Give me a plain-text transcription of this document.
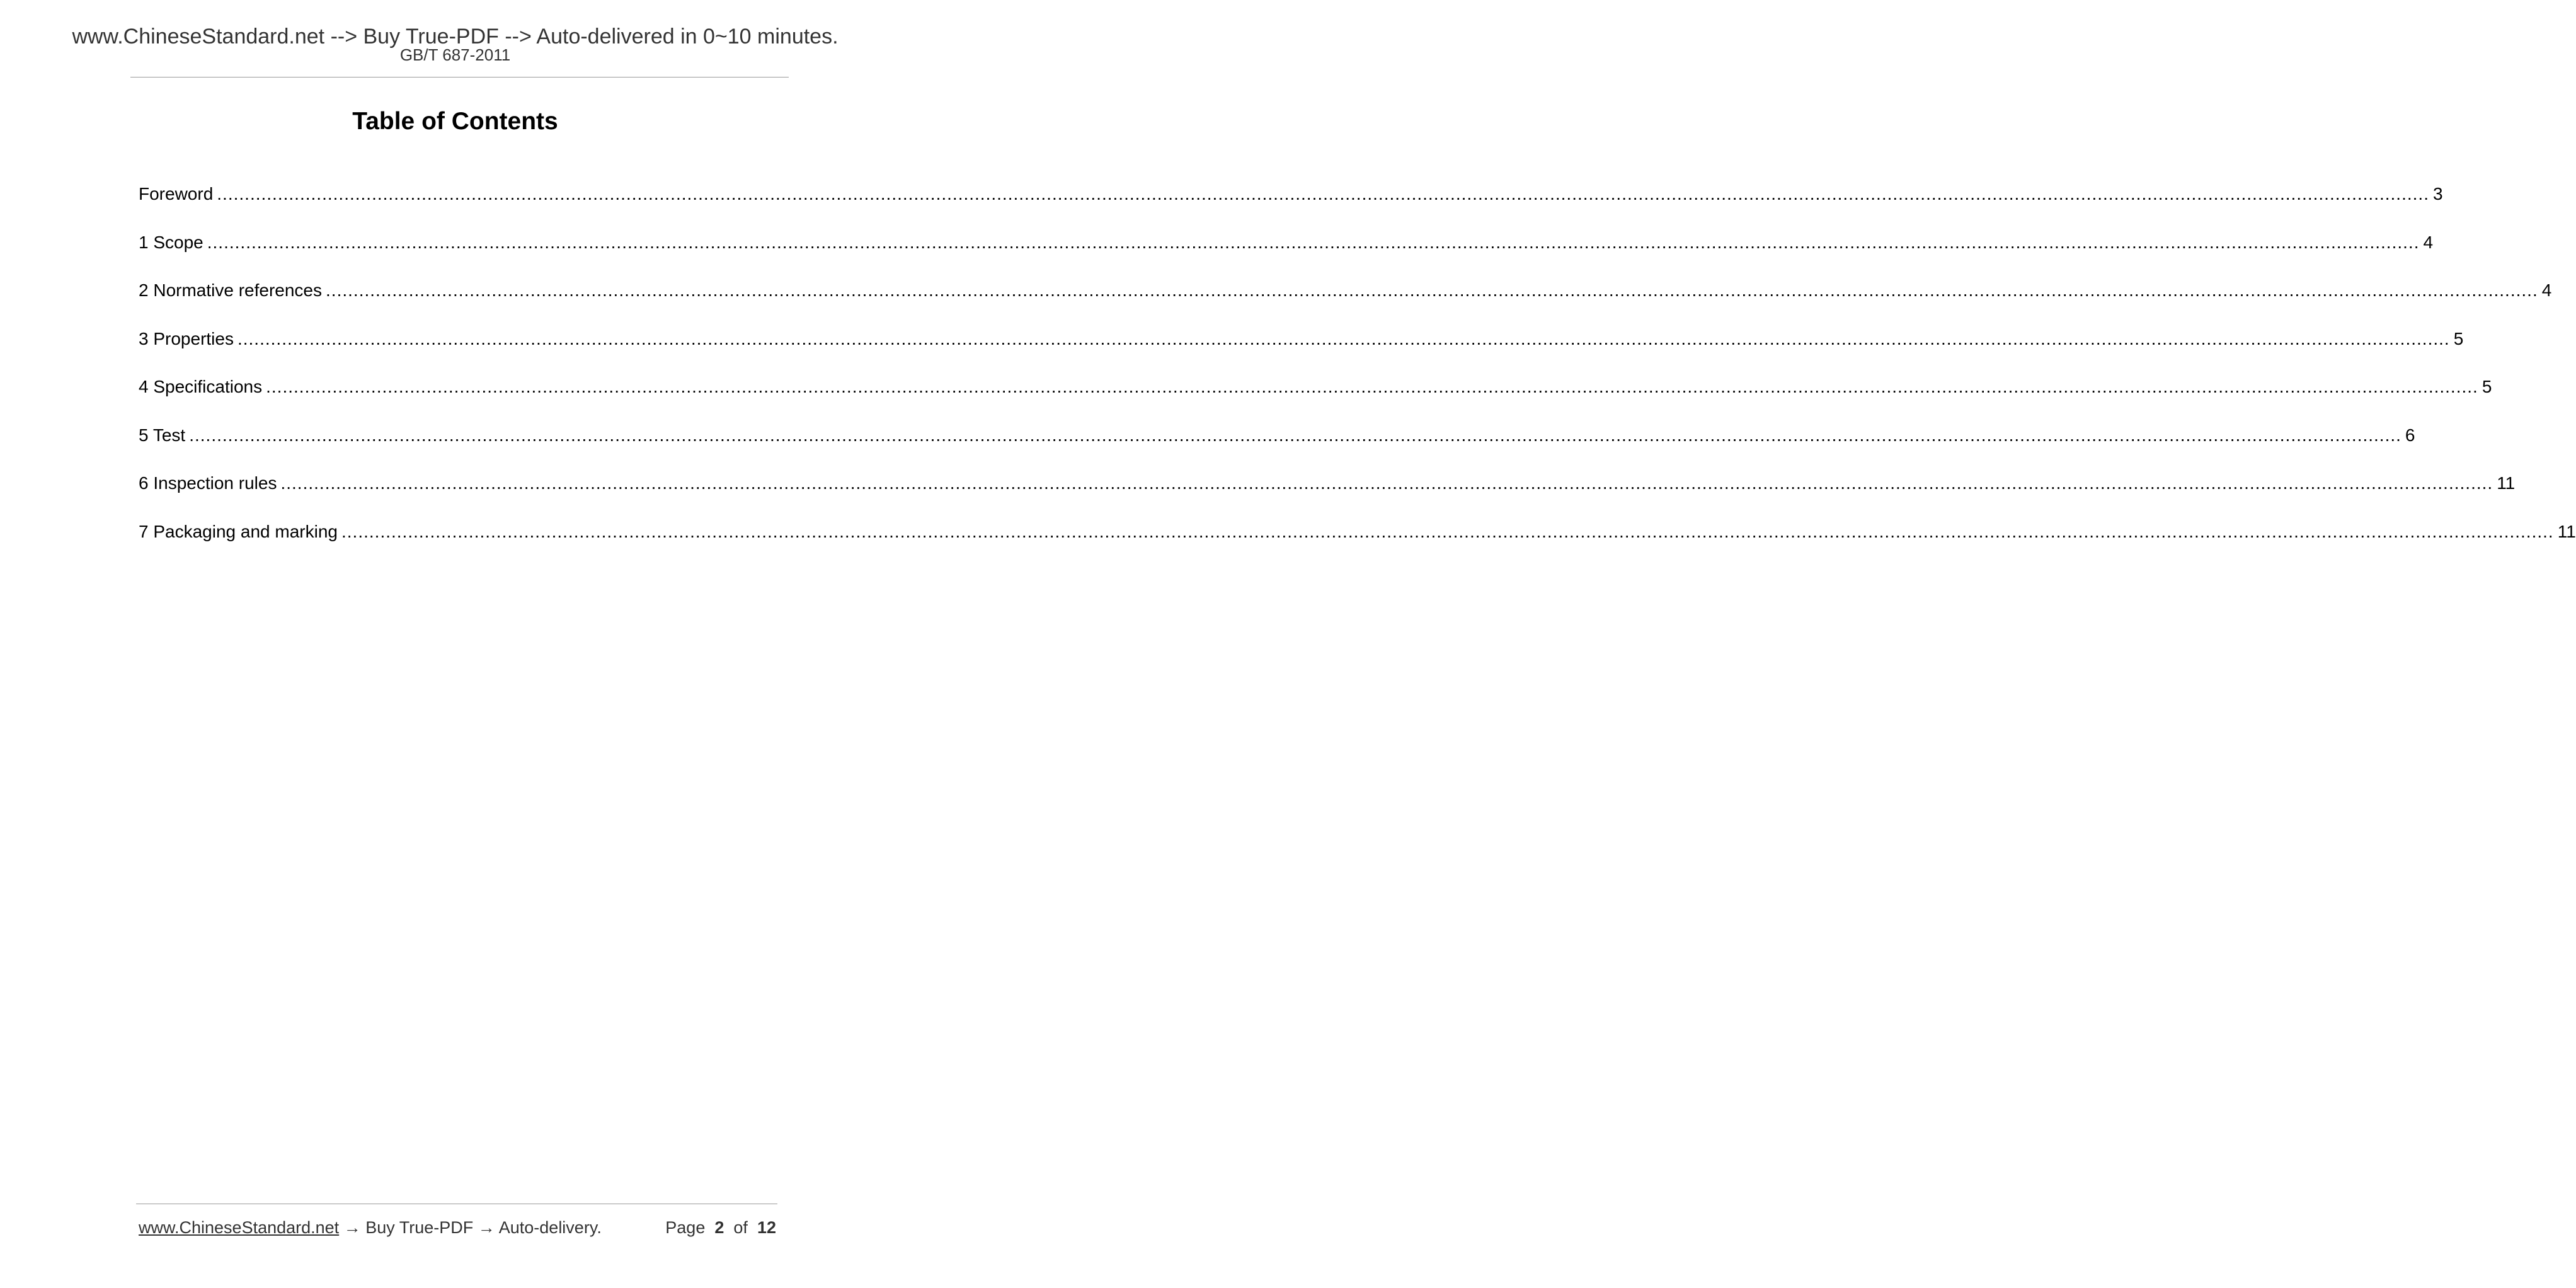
www.ChineseStandard.net --> Buy True-PDF --> Auto-delivered in 0~10 minutes.
GB/T 687-2011
Table of Contents
Foreword ................................................................................................................................................................................................................................................................................................................................................................................................................ 3
1 Scope ................................................................................................................................................................................................................................................................................................................................................................................................................ 4
2 Normative references ................................................................................................................................................................................................................................................................................................................................................................................................................ 4
3 Properties ................................................................................................................................................................................................................................................................................................................................................................................................................ 5
4 Specifications ................................................................................................................................................................................................................................................................................................................................................................................................................ 5
5 Test ................................................................................................................................................................................................................................................................................................................................................................................................................ 6
6 Inspection rules ................................................................................................................................................................................................................................................................................................................................................................................................................ 11
7 Packaging and marking ................................................................................................................................................................................................................................................................................................................................................................................................................ 11
www.ChineseStandard.net → Buy True-PDF → Auto-delivery.	Page 2 of 12
